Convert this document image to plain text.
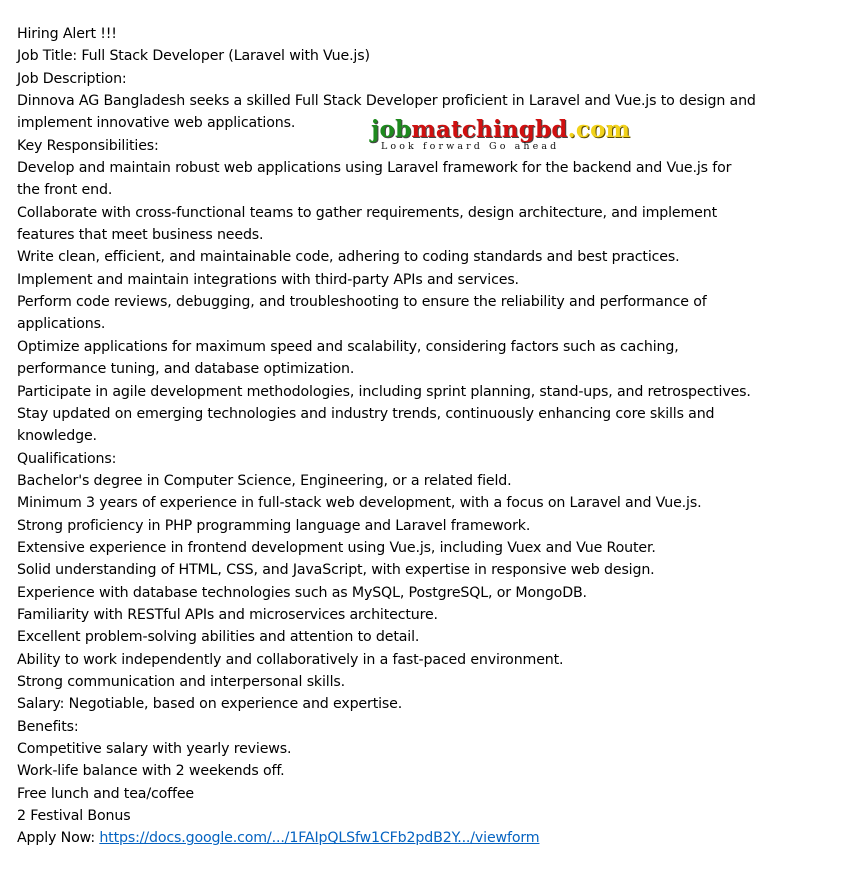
Hiring Alert !!!
Job Title: Full Stack Developer (Laravel with Vue.js)
Job Description:
Dinnova AG Bangladesh seeks a skilled Full Stack Developer proficient in Laravel and Vue.js to design and
implement innovative web applications.
Key Responsibilities:
Develop and maintain robust web applications using Laravel framework for the backend and Vue.js for
the front end.
Collaborate with cross-functional teams to gather requirements, design architecture, and implement
features that meet business needs.
Write clean, efficient, and maintainable code, adhering to coding standards and best practices.
Implement and maintain integrations with third-party APIs and services.
Perform code reviews, debugging, and troubleshooting to ensure the reliability and performance of
applications.
Optimize applications for maximum speed and scalability, considering factors such as caching,
performance tuning, and database optimization.
Participate in agile development methodologies, including sprint planning, stand-ups, and retrospectives.
Stay updated on emerging technologies and industry trends, continuously enhancing core skills and
knowledge.
Qualifications:
Bachelor's degree in Computer Science, Engineering, or a related field.
Minimum 3 years of experience in full-stack web development, with a focus on Laravel and Vue.js.
Strong proficiency in PHP programming language and Laravel framework.
Extensive experience in frontend development using Vue.js, including Vuex and Vue Router.
Solid understanding of HTML, CSS, and JavaScript, with expertise in responsive web design.
Experience with database technologies such as MySQL, PostgreSQL, or MongoDB.
Familiarity with RESTful APIs and microservices architecture.
Excellent problem-solving abilities and attention to detail.
Ability to work independently and collaboratively in a fast-paced environment.
Strong communication and interpersonal skills.
Salary: Negotiable, based on experience and expertise.
Benefits:
Competitive salary with yearly reviews.
Work-life balance with 2 weekends off.
Free lunch and tea/coffee
2 Festival Bonus
Apply Now: https://docs.google.com/.../1FAIpQLSfw1CFb2pdB2Y.../viewform
jobmatchingbd.com
Look forward Go ahead
